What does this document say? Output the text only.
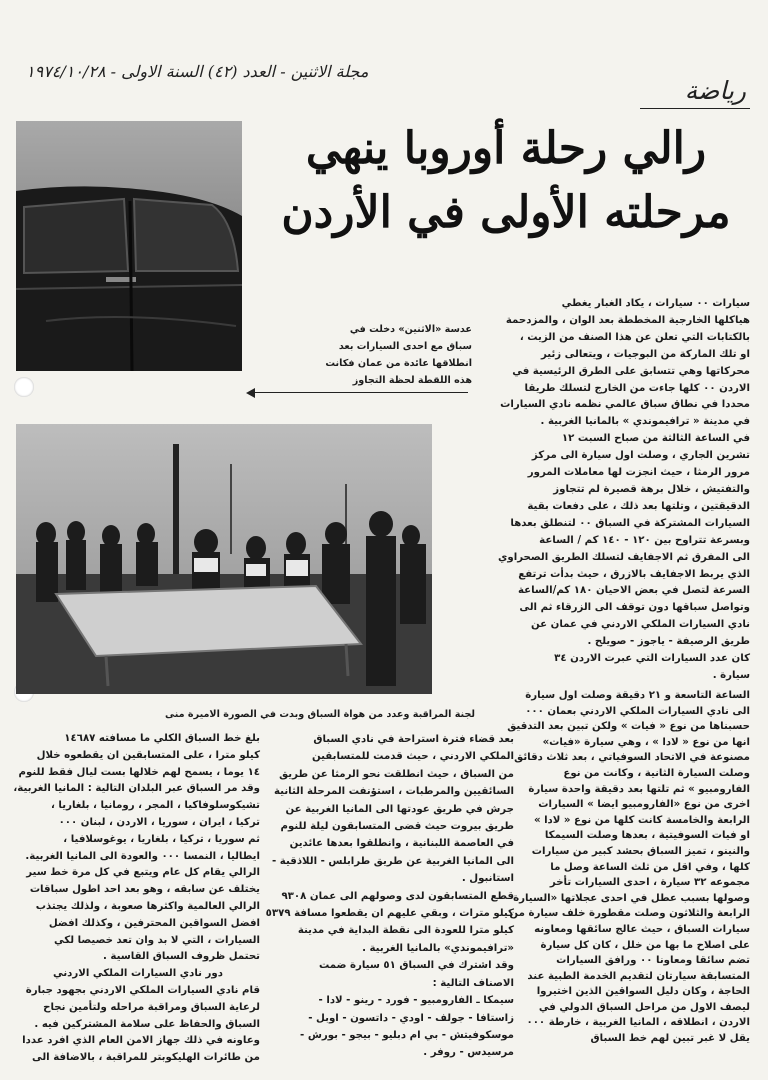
رياضة
مجلة الاثنين - العدد (٤٢) السنة الاولى - ١٩٧٤/١٠/٢٨
رالي رحلة أوروبا ينهي
مرحلته الأولى في الأردن
عدسة «الاثنين» دخلت في
سباق مع احدى السيارات بعد
انطلاقها عائدة من عمان فكانت
هذه اللقطة لحظة التجاوز
لجنة المراقبة وعدد من هواة السباق وبدت في الصورة الاميرة منى
سيارات ٠٠ سيارات ، يكاد الغبار يغطي
هياكلها الخارجية المخططة بعد الوان ، والمزدحمة
بالكتابات التي تعلن عن هذا الصنف من الزيت ،
او تلك الماركة من البوجيات ، ويتعالى زئير
محركاتها وهي تتسابق على الطرق الرئيسية في
الاردن ٠٠ كلها جاءت من الخارج لتسلك طريقا
محددا في نطاق سباق عالمي نظمه نادي السيارات
في مدينة « ترافيموندي » بالمانيا الغربية .
في الساعة الثالثة من صباح السبت ١٢
تشرين الجاري ، وصلت اول سيارة الى مركز
مرور الرمثا ، حيث انجزت لها معاملات المرور
والتفتيش ، خلال برهة قصيرة لم تتجاوز
الدقيقتين ، وتلتها بعد ذلك ، على دفعات بقية
السيارات المشتركة في السباق ٠٠ لتنطلق بعدها
وبسرعة تتراوح بين ١٢٠ - ١٤٠ كم / الساعة
الى المفرق ثم الاجفايف لتسلك الطريق الصحراوي
الذي يربط الاجفايف بالازرق ، حيث بدأت ترتفع
السرعة لتصل في بعض الاحيان ١٨٠ كم/الساعة
وتواصل سباقها دون توقف الى الزرقاء ثم الى
نادي السيارات الملكي الاردني في عمان عن
طريق الرصيفة - ياجوز - صويلح .
كان عدد السيارات التي عبرت الاردن ٣٤
سيارة .
الساعة التاسعة و ٢١ دقيقة وصلت اول سيارة
الى نادي السيارات الملكي الاردني بعمان ٠٠٠
حسبناها من نوع « فيات » ولكن تبين بعد التدقيق
انها من نوع « لادا » ، وهي سيارة «فيات»
مصنوعة في الاتحاد السوفياتي ، بعد ثلاث دقائق
وصلت السيارة الثانية ، وكانت من نوع
الفارومبيو » ثم تلتها بعد دقيقة واحدة سيارة
اخرى من نوع «الفارومبيو ايضا » السيارات
الرابعة والخامسة كانت كلها من نوع « لادا »
او فيات السوفيتية ، بعدها وصلت السيمكا
والنينو ، تميز السباق بحشد كبير من سيارات
كلها ، وفي اقل من ثلث الساعة وصل ما
مجموعه ٣٢ سيارة ، احدى السيارات تأخر
وصولها بسبب عطل في احدى عجلاتها «السيارة
الرابعة والثلاثون وصلت مقطورة خلف سيارة من
سيارات السباق ، حيث عالج سائقها ومعاونه
على اصلاح ما بها من خلل ، كان كل سيارة
تضم سائقا ومعاونا ٠٠ ورافق السيارات
المتسابقة سيارتان لتقديم الخدمة الطبية عند
الحاجة ، وكان دليل السواقين الذين اختيروا
ليصف الاول من مراحل السباق الدولي في
الاردن ، انطلاقه ، المانيا الغربية ، خارطة ٠٠٠
يقل لا غبر تبين لهم خط السباق
بعد قضاء فترة استراحة في نادي السباق
الملكي الاردني ، حيث قدمت للمتسابقين
من السباق ، حيث انطلقت نحو الرمثا عن طريق
السائقيين والمرطبات ، استؤنفت المرحلة الثانية
جرش في طريق عودتها الى المانيا الغربية عن
طريق بيروت حيث قضى المتسابقون ليلة للنوم
في العاصمة اللبنانية ، وانطلقوا بعدها عائدين
الى المانيا الغربية عن طريق طرابلس - اللاذقية -
استانبول .
قطع المتسابقون لدى وصولهم الى عمان ٩٣٠٨
كيلو مترات ، وبقي عليهم ان يقطعوا مسافة ٥٣٧٩
كيلو مترا للعودة الى نقطة البداية في مدينة
«ترافيموندي» بالمانيا الغربية .
وقد اشترك في السباق ٥١ سيارة ضمت
الاصناف التالية :
سيمكا ـ الفارومبيو - فورد - رينو - لادا -
زاستافا - جولف - اودي - داتسون - اوبل -
موسكوفيتش - بي ام دبليو - بيجو - بورش -
مرسيدس - روفر .
بلغ خط السباق الكلي ما مسافته ١٤٦٨٧
كيلو مترا ، على المتسابقين ان يقطعوه خلال
١٤ يوما ، يسمح لهم خلالها بست ليال فقط للنوم
وقد مر السباق عبر البلدان التالية : المانيا الغربية،
تشيكوسلوفاكيا ، المجر ، رومانيا ، بلغاريا ،
تركيا ، ايران ، سوريا ، الاردن ، لبنان ٠٠٠
ثم سوريا ، تركيا ، بلغاريا ، يوغوسلافيا ،
ايطاليا ، النمسا ٠٠٠ والعودة الى المانيا الغربية.
الرالي يقام كل عام ويتبع في كل مرة خط سير
يختلف عن سابقه ، وهو بعد احد اطول سباقات
الرالي العالمية واكثرها صعوبة ، ولذلك يجتذب
افضل السواقين المحترفين ، وكذلك افضل
السيارات ، التي لا بد وان تعد خصيصا لكي
تحتمل ظروف السباق القاسية .
دور نادي السيارات الملكي الاردني
قام نادي السيارات الملكي الاردني بجهود جبارة
لرعاية السباق ومراقبة مراحله ولتأمين نجاح
السباق والحفاظ على سلامة المشتركين فيه .
وعاونه في ذلك جهاز الامن العام الذي افرد عددا
من طائرات الهليكوبتر للمراقبة ، بالاضافة الى
